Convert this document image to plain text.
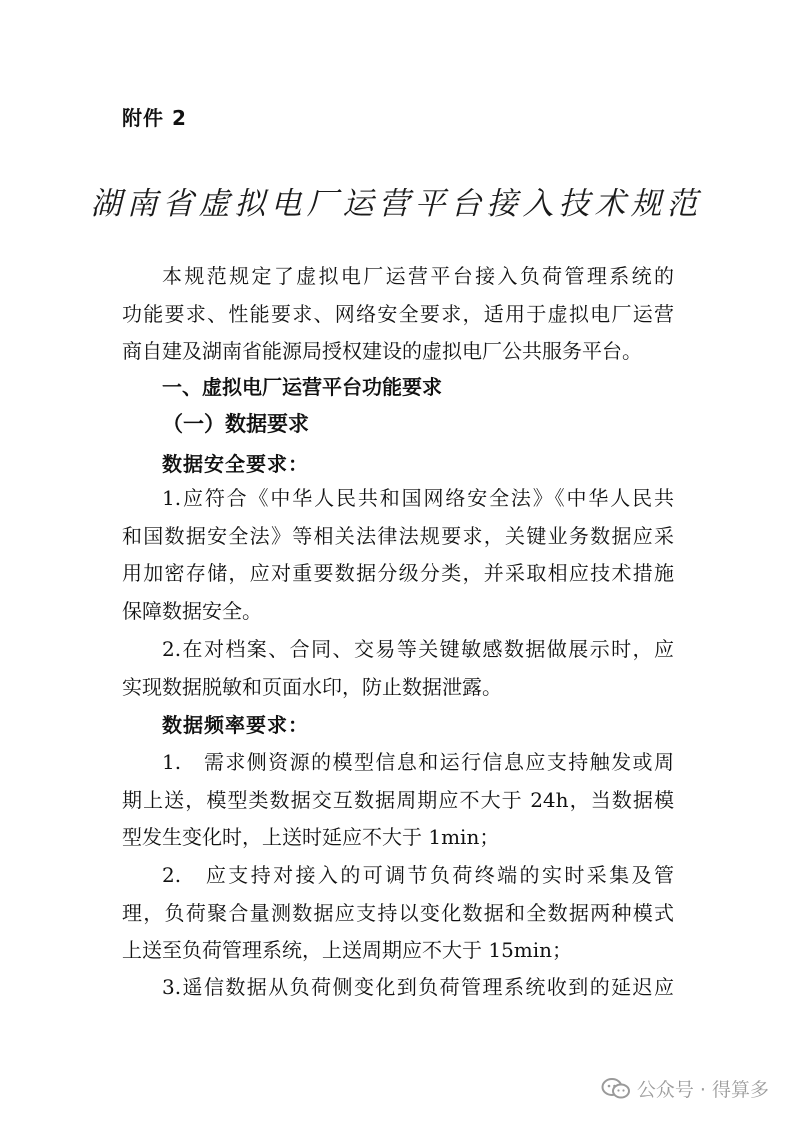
附件 2
湖南省虚拟电厂运营平台接入技术规范
本规范规定了虚拟电厂运营平台接入负荷管理系统的
功能要求、性能要求、网络安全要求，适用于虚拟电厂运营
商自建及湖南省能源局授权建设的虚拟电厂公共服务平台。
一、虚拟电厂运营平台功能要求
（一）数据要求
数据安全要求：
1.应符合《中华人民共和国网络安全法》《中华人民共
和国数据安全法》等相关法律法规要求，关键业务数据应采
用加密存储，应对重要数据分级分类，并采取相应技术措施
保障数据安全。
2.在对档案、合同、交易等关键敏感数据做展示时，应
实现数据脱敏和页面水印，防止数据泄露。
数据频率要求：
1.　需求侧资源的模型信息和运行信息应支持触发或周
期上送，模型类数据交互数据周期应不大于 24h，当数据模
型发生变化时，上送时延应不大于 1min；
2.　应支持对接入的可调节负荷终端的实时采集及管
理，负荷聚合量测数据应支持以变化数据和全数据两种模式
上送至负荷管理系统，上送周期应不大于 15min；
3.遥信数据从负荷侧变化到负荷管理系统收到的延迟应
公众号 · 得算多
